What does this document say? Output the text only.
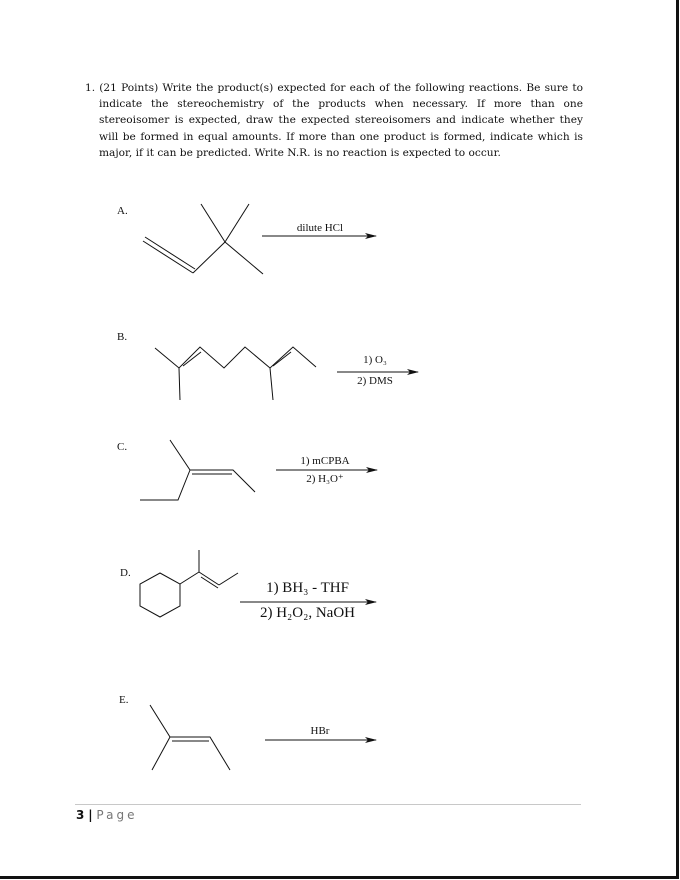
1. (21 Points) Write the product(s) expected for each of the following reactions. Be sure to indicate the stereochemistry of the products when necessary. If more than one stereoisomer is expected, draw the expected stereoisomers and indicate whether they will be formed in equal amounts. If more than one product is formed, indicate which is major, if it can be predicted. Write N.R. is no reaction is expected to occur.
A.
dilute HCl
B.
1) O₃
2) DMS
C.
1) mCPBA
2) H₃O⁺
D.
1) BH₃ - THF
2) H₂O₂, NaOH
E.
HBr
3 | Page
